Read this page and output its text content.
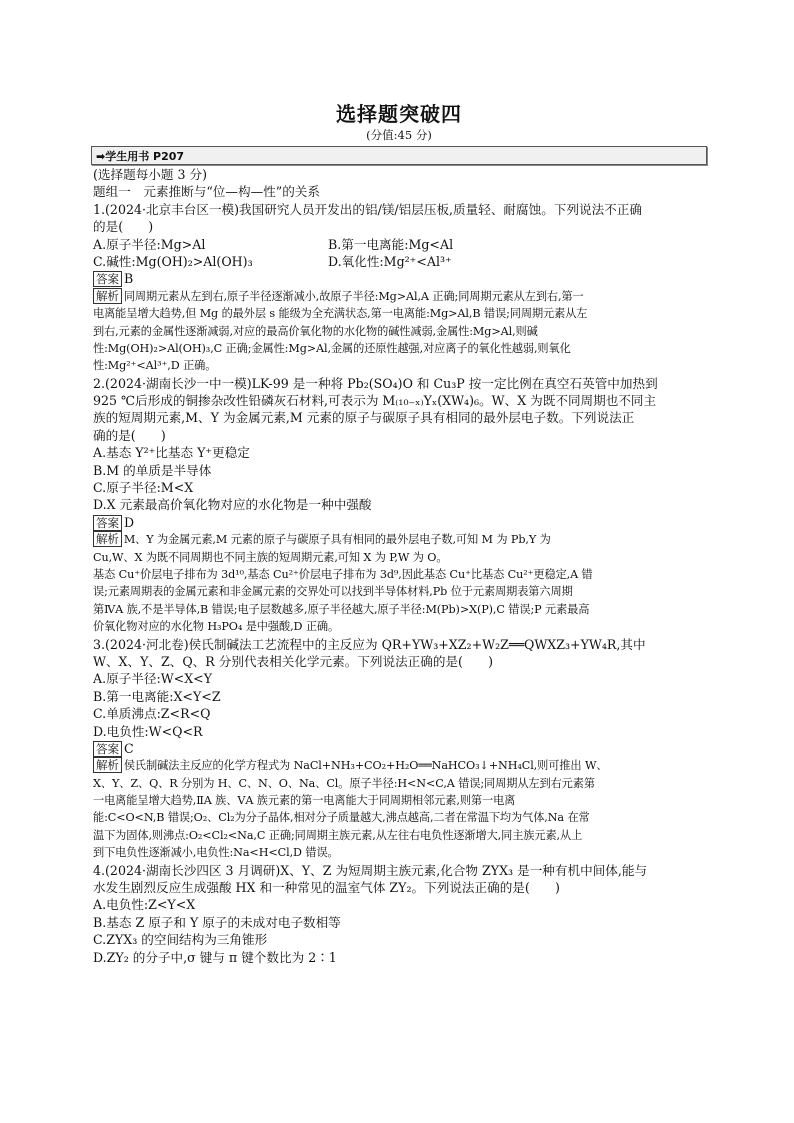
选择题突破四
(分值:45 分)
➡学生用书 P207
(选择题每小题 3 分)
题组一　元素推断与“位—构—性”的关系
1.(2024·北京丰台区一模)我国研究人员开发出的铝/镁/铝层压板,质量轻、耐腐蚀。下列说法不正确
的是(　　)
A.原子半径:Mg>Al	B.第一电离能:Mg<Al
C.碱性:Mg(OH)₂>Al(OH)₃	D.氧化性:Mg²⁺<Al³⁺
答案 B
解析 同周期元素从左到右,原子半径逐渐减小,故原子半径:Mg>Al,A 正确;同周期元素从左到右,第一
电离能呈增大趋势,但 Mg 的最外层 s 能级为全充满状态,第一电离能:Mg>Al,B 错误;同周期元素从左
到右,元素的金属性逐渐减弱,对应的最高价氧化物的水化物的碱性减弱,金属性:Mg>Al,则碱
性:Mg(OH)₂>Al(OH)₃,C 正确;金属性:Mg>Al,金属的还原性越强,对应离子的氧化性越弱,则氧化
性:Mg²⁺<Al³⁺,D 正确。
2.(2024·湖南长沙一中一模)LK-99 是一种将 Pb₂(SO₄)O 和 Cu₃P 按一定比例在真空石英管中加热到
925 ℃后形成的铜掺杂改性铅磷灰石材料,可表示为 M₍₁₀₋ₓ₎Yₓ(XW₄)₆。W、X 为既不同周期也不同主
族的短周期元素,M、Y 为金属元素,M 元素的原子与碳原子具有相同的最外层电子数。下列说法正
确的是(　　)
A.基态 Y²⁺比基态 Y⁺更稳定
B.M 的单质是半导体
C.原子半径:M<X
D.X 元素最高价氧化物对应的水化物是一种中强酸
答案 D
解析 M、Y 为金属元素,M 元素的原子与碳原子具有相同的最外层电子数,可知 M 为 Pb,Y 为
Cu,W、X 为既不同周期也不同主族的短周期元素,可知 X 为 P,W 为 O。
基态 Cu⁺价层电子排布为 3d¹⁰,基态 Cu²⁺价层电子排布为 3d⁹,因此基态 Cu⁺比基态 Cu²⁺更稳定,A 错
误;元素周期表的金属元素和非金属元素的交界处可以找到半导体材料,Pb 位于元素周期表第六周期
第ⅣA 族,不是半导体,B 错误;电子层数越多,原子半径越大,原子半径:M(Pb)>X(P),C 错误;P 元素最高
价氧化物对应的水化物 H₃PO₄ 是中强酸,D 正确。
3.(2024·河北卷)侯氏制碱法工艺流程中的主反应为 QR+YW₃+XZ₂+W₂Z══QWXZ₃+YW₄R,其中
W、X、Y、Z、Q、R 分别代表相关化学元素。下列说法正确的是(　　)
A.原子半径:W<X<Y
B.第一电离能:X<Y<Z
C.单质沸点:Z<R<Q
D.电负性:W<Q<R
答案 C
解析 侯氏制碱法主反应的化学方程式为 NaCl+NH₃+CO₂+H₂O══NaHCO₃↓+NH₄Cl,则可推出 W、
X、Y、Z、Q、R 分别为 H、C、N、O、Na、Cl。原子半径:H<N<C,A 错误;同周期从左到右元素第
一电离能呈增大趋势,ⅡA 族、ⅤA 族元素的第一电离能大于同周期相邻元素,则第一电离
能:C<O<N,B 错误;O₂、Cl₂为分子晶体,相对分子质量越大,沸点越高,二者在常温下均为气体,Na 在常
温下为固体,则沸点:O₂<Cl₂<Na,C 正确;同周期主族元素,从左往右电负性逐渐增大,同主族元素,从上
到下电负性逐渐减小,电负性:Na<H<Cl,D 错误。
4.(2024·湖南长沙四区 3 月调研)X、Y、Z 为短周期主族元素,化合物 ZYX₃ 是一种有机中间体,能与
水发生剧烈反应生成强酸 HX 和一种常见的温室气体 ZY₂。下列说法正确的是(　　)
A.电负性:Z<Y<X
B.基态 Z 原子和 Y 原子的未成对电子数相等
C.ZYX₃ 的空间结构为三角锥形
D.ZY₂ 的分子中,σ 键与 π 键个数比为 2∶1
